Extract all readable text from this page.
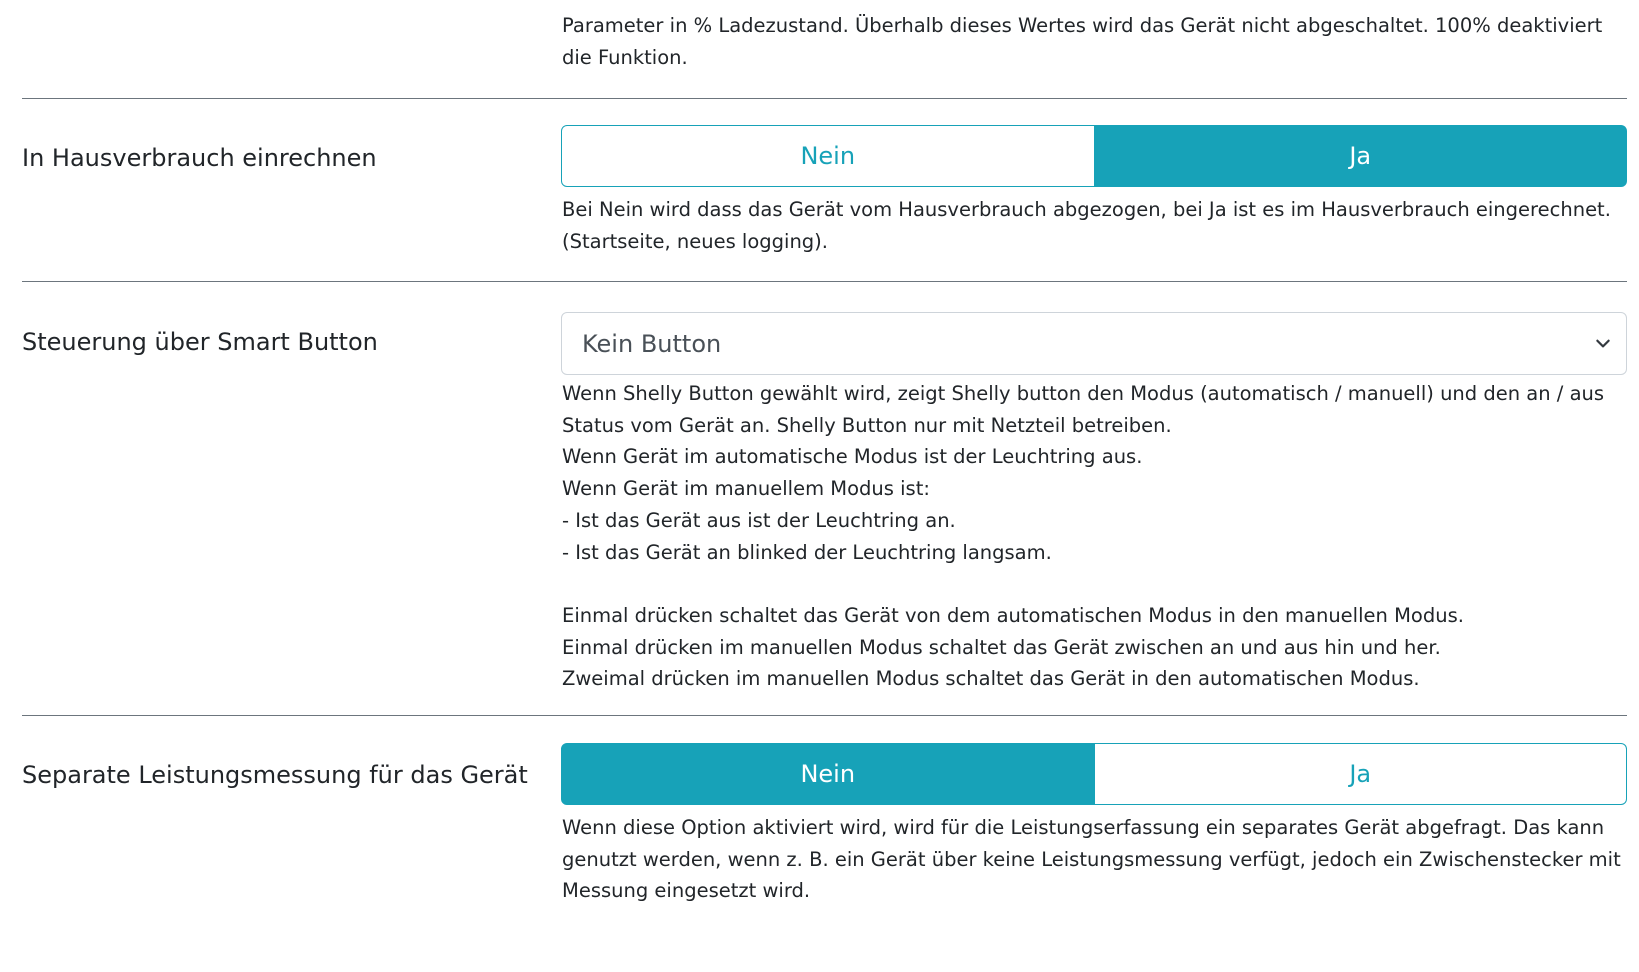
Parameter in % Ladezustand. Überhalb dieses Wertes wird das Gerät nicht abgeschaltet. 100% deaktiviert die Funktion.

In Hausverbrauch einrechnen	Nein	Ja

Bei Nein wird dass das Gerät vom Hausverbrauch abgezogen, bei Ja ist es im Hausverbrauch eingerechnet. (Startseite, neues logging).

Steuerung über Smart Button	Kein Button

Wenn Shelly Button gewählt wird, zeigt Shelly button den Modus (automatisch / manuell) und den an / aus Status vom Gerät an. Shelly Button nur mit Netzteil betreiben.
Wenn Gerät im automatische Modus ist der Leuchtring aus.
Wenn Gerät im manuellem Modus ist:
- Ist das Gerät aus ist der Leuchtring an.
- Ist das Gerät an blinked der Leuchtring langsam.

Einmal drücken schaltet das Gerät von dem automatischen Modus in den manuellen Modus.
Einmal drücken im manuellen Modus schaltet das Gerät zwischen an und aus hin und her.
Zweimal drücken im manuellen Modus schaltet das Gerät in den automatischen Modus.

Separate Leistungsmessung für das Gerät	Nein	Ja

Wenn diese Option aktiviert wird, wird für die Leistungserfassung ein separates Gerät abgefragt. Das kann genutzt werden, wenn z. B. ein Gerät über keine Leistungsmessung verfügt, jedoch ein Zwischenstecker mit Messung eingesetzt wird.
